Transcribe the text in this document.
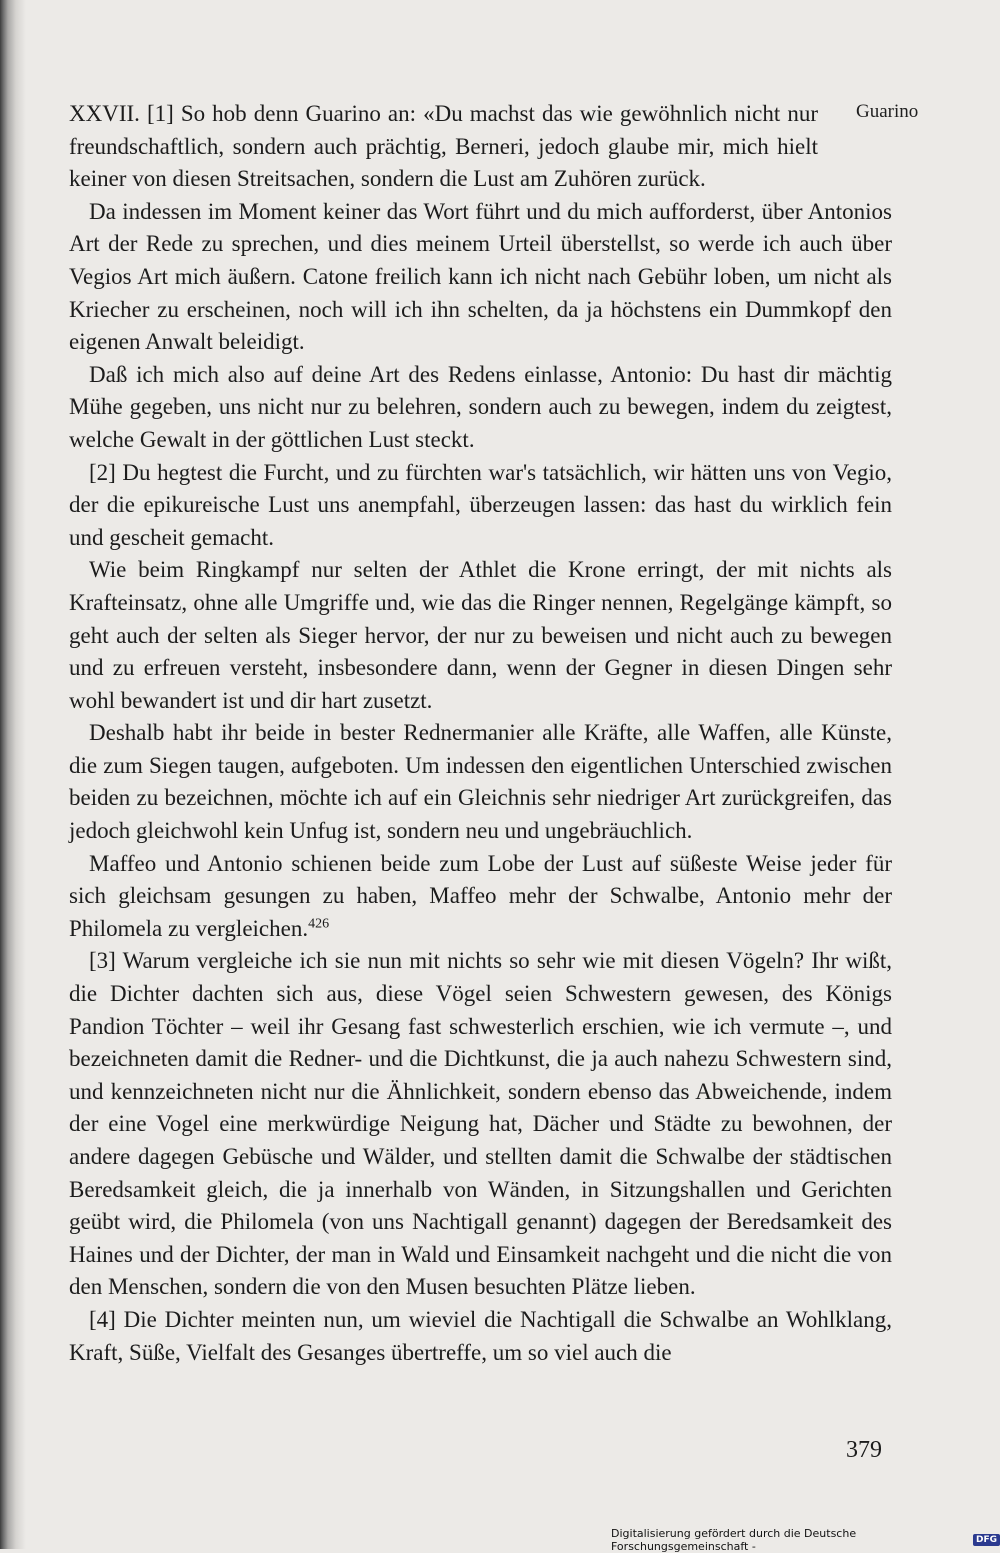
Guarino

XXVII. [1] So hob denn Guarino an: «Du machst das wie gewöhnlich nicht nur freundschaftlich, sondern auch prächtig, Berneri, jedoch glaube mir, mich hielt keiner von diesen Streitsachen, sondern die Lust am Zuhören zurück.

Da indessen im Moment keiner das Wort führt und du mich aufforderst, über Antonios Art der Rede zu sprechen, und dies meinem Urteil überstellst, so werde ich auch über Vegios Art mich äußern. Catone freilich kann ich nicht nach Gebühr loben, um nicht als Kriecher zu erscheinen, noch will ich ihn schelten, da ja höchstens ein Dummkopf den eigenen Anwalt beleidigt.

Daß ich mich also auf deine Art des Redens einlasse, Antonio: Du hast dir mächtig Mühe gegeben, uns nicht nur zu belehren, sondern auch zu bewegen, indem du zeigtest, welche Gewalt in der göttlichen Lust steckt.

[2] Du hegtest die Furcht, und zu fürchten war's tatsächlich, wir hätten uns von Vegio, der die epikureische Lust uns anempfahl, überzeugen lassen: das hast du wirklich fein und gescheit gemacht.

Wie beim Ringkampf nur selten der Athlet die Krone erringt, der mit nichts als Krafteinsatz, ohne alle Umgriffe und, wie das die Ringer nennen, Regelgänge kämpft, so geht auch der selten als Sieger hervor, der nur zu beweisen und nicht auch zu bewegen und zu erfreuen versteht, insbesondere dann, wenn der Gegner in diesen Dingen sehr wohl bewandert ist und dir hart zusetzt.

Deshalb habt ihr beide in bester Rednermanier alle Kräfte, alle Waffen, alle Künste, die zum Siegen taugen, aufgeboten. Um indessen den eigentlichen Unterschied zwischen beiden zu bezeichnen, möchte ich auf ein Gleichnis sehr niedriger Art zurückgreifen, das jedoch gleichwohl kein Unfug ist, sondern neu und ungebräuchlich.

Maffeo und Antonio schienen beide zum Lobe der Lust auf süßeste Weise jeder für sich gleichsam gesungen zu haben, Maffeo mehr der Schwalbe, Antonio mehr der Philomela zu vergleichen.$^{426}$

[3] Warum vergleiche ich sie nun mit nichts so sehr wie mit diesen Vögeln? Ihr wißt, die Dichter dachten sich aus, diese Vögel seien Schwestern gewesen, des Königs Pandion Töchter – weil ihr Gesang fast schwesterlich erschien, wie ich vermute –, und bezeichneten damit die Redner- und die Dichtkunst, die ja auch nahezu Schwestern sind, und kennzeichneten nicht nur die Ähnlichkeit, sondern ebenso das Abweichende, indem der eine Vogel eine merkwürdige Neigung hat, Dächer und Städte zu bewohnen, der andere dagegen Gebüsche und Wälder, und stellten damit die Schwalbe der städtischen Beredsamkeit gleich, die ja innerhalb von Wänden, in Sitzungshallen und Gerichten geübt wird, die Philomela (von uns Nachtigall genannt) dagegen der Beredsamkeit des Haines und der Dichter, der man in Wald und Einsamkeit nachgeht und die nicht die von den Menschen, sondern die von den Musen besuchten Plätze lieben.

[4] Die Dichter meinten nun, um wieviel die Nachtigall die Schwalbe an Wohlklang, Kraft, Süße, Vielfalt des Gesanges übertreffe, um so viel auch die

379
Digitalisierung gefördert durch die Deutsche Forschungsgemeinschaft -	DFG
